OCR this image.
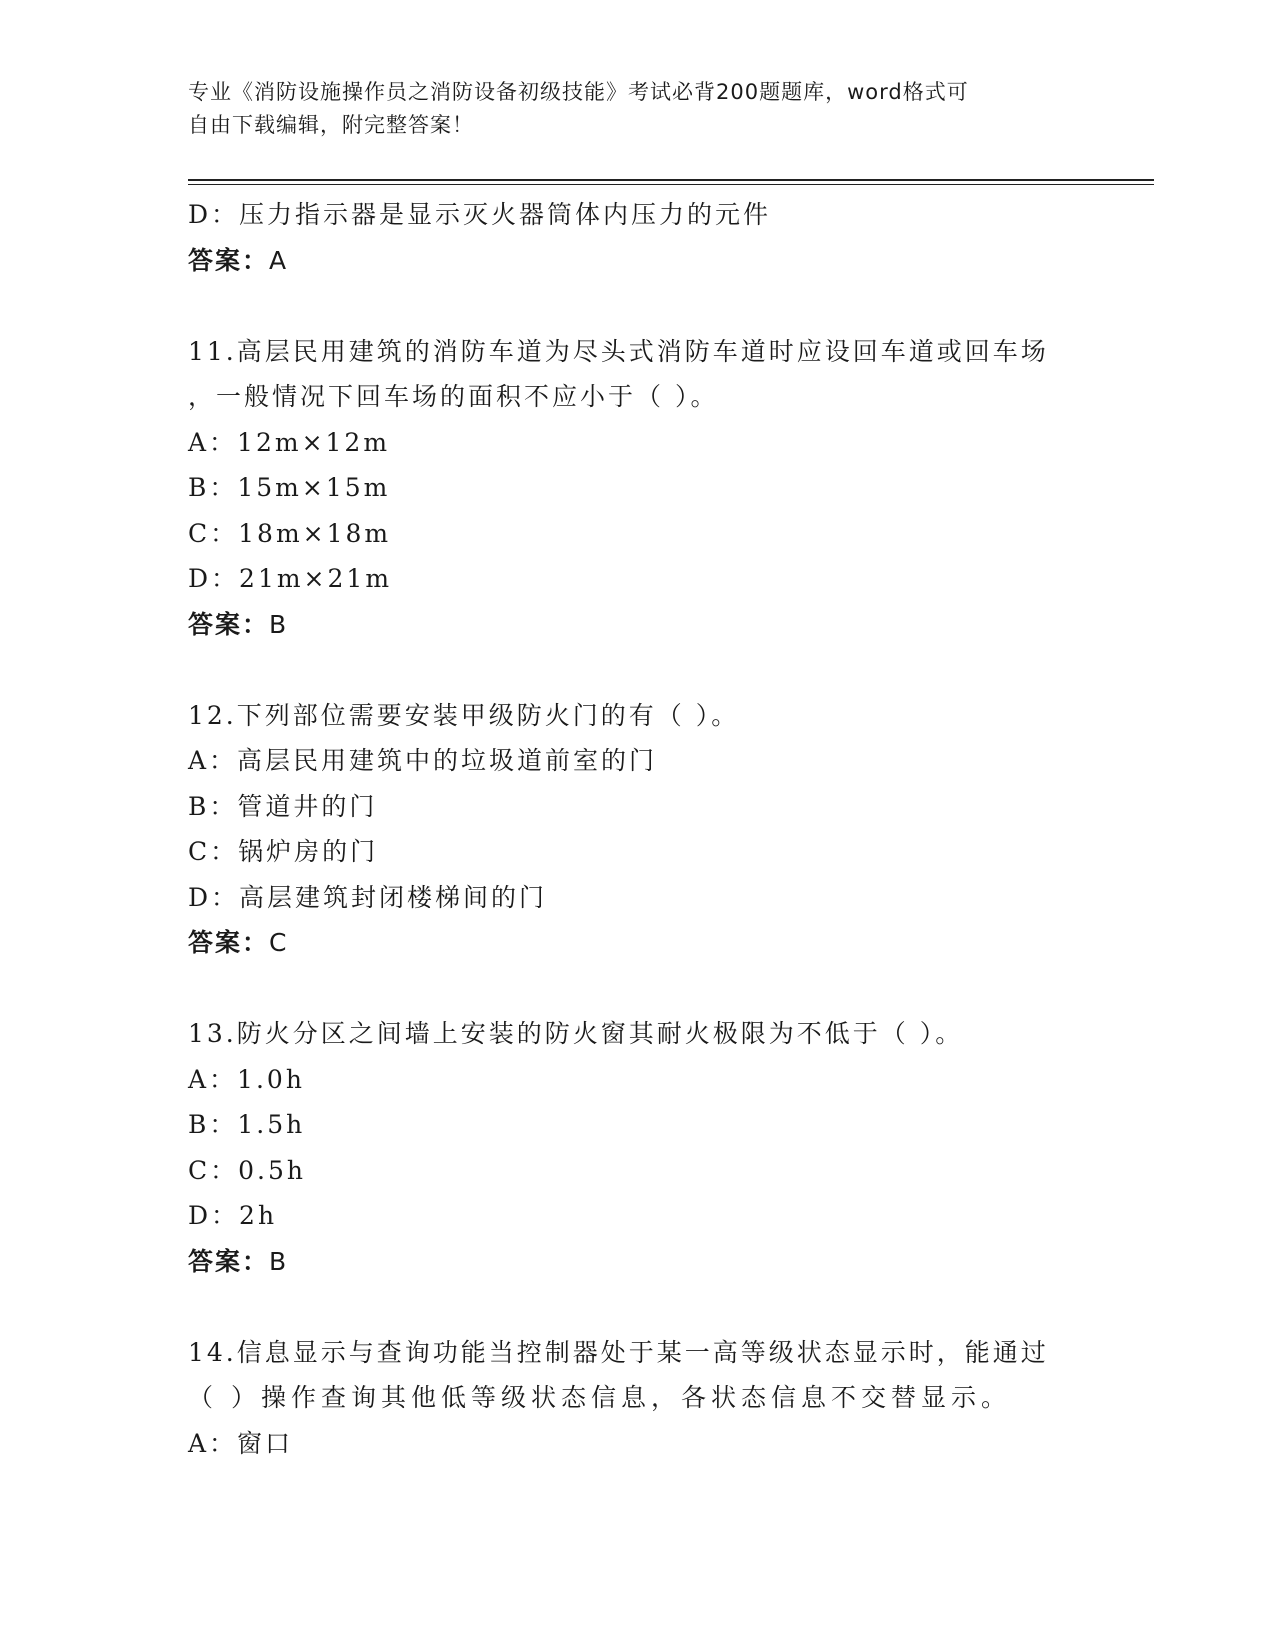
专业《消防设施操作员之消防设备初级技能》考试必背200题题库，word格式可
自由下载编辑，附完整答案！
D：压力指示器是显示灭火器筒体内压力的元件
答案：A
11.高层民用建筑的消防车道为尽头式消防车道时应设回车道或回车场
，一般情况下回车场的面积不应小于（ ）。
A：12m×12m
B：15m×15m
C：18m×18m
D：21m×21m
答案：B
12.下列部位需要安装甲级防火门的有（ ）。
A：高层民用建筑中的垃圾道前室的门
B：管道井的门
C：锅炉房的门
D：高层建筑封闭楼梯间的门
答案：C
13.防火分区之间墙上安装的防火窗其耐火极限为不低于（ ）。
A：1.0h
B：1.5h
C：0.5h
D：2h
答案：B
14.信息显示与查询功能当控制器处于某一高等级状态显示时，能通过
（ ）操作查询其他低等级状态信息，各状态信息不交替显示。
A：窗口
